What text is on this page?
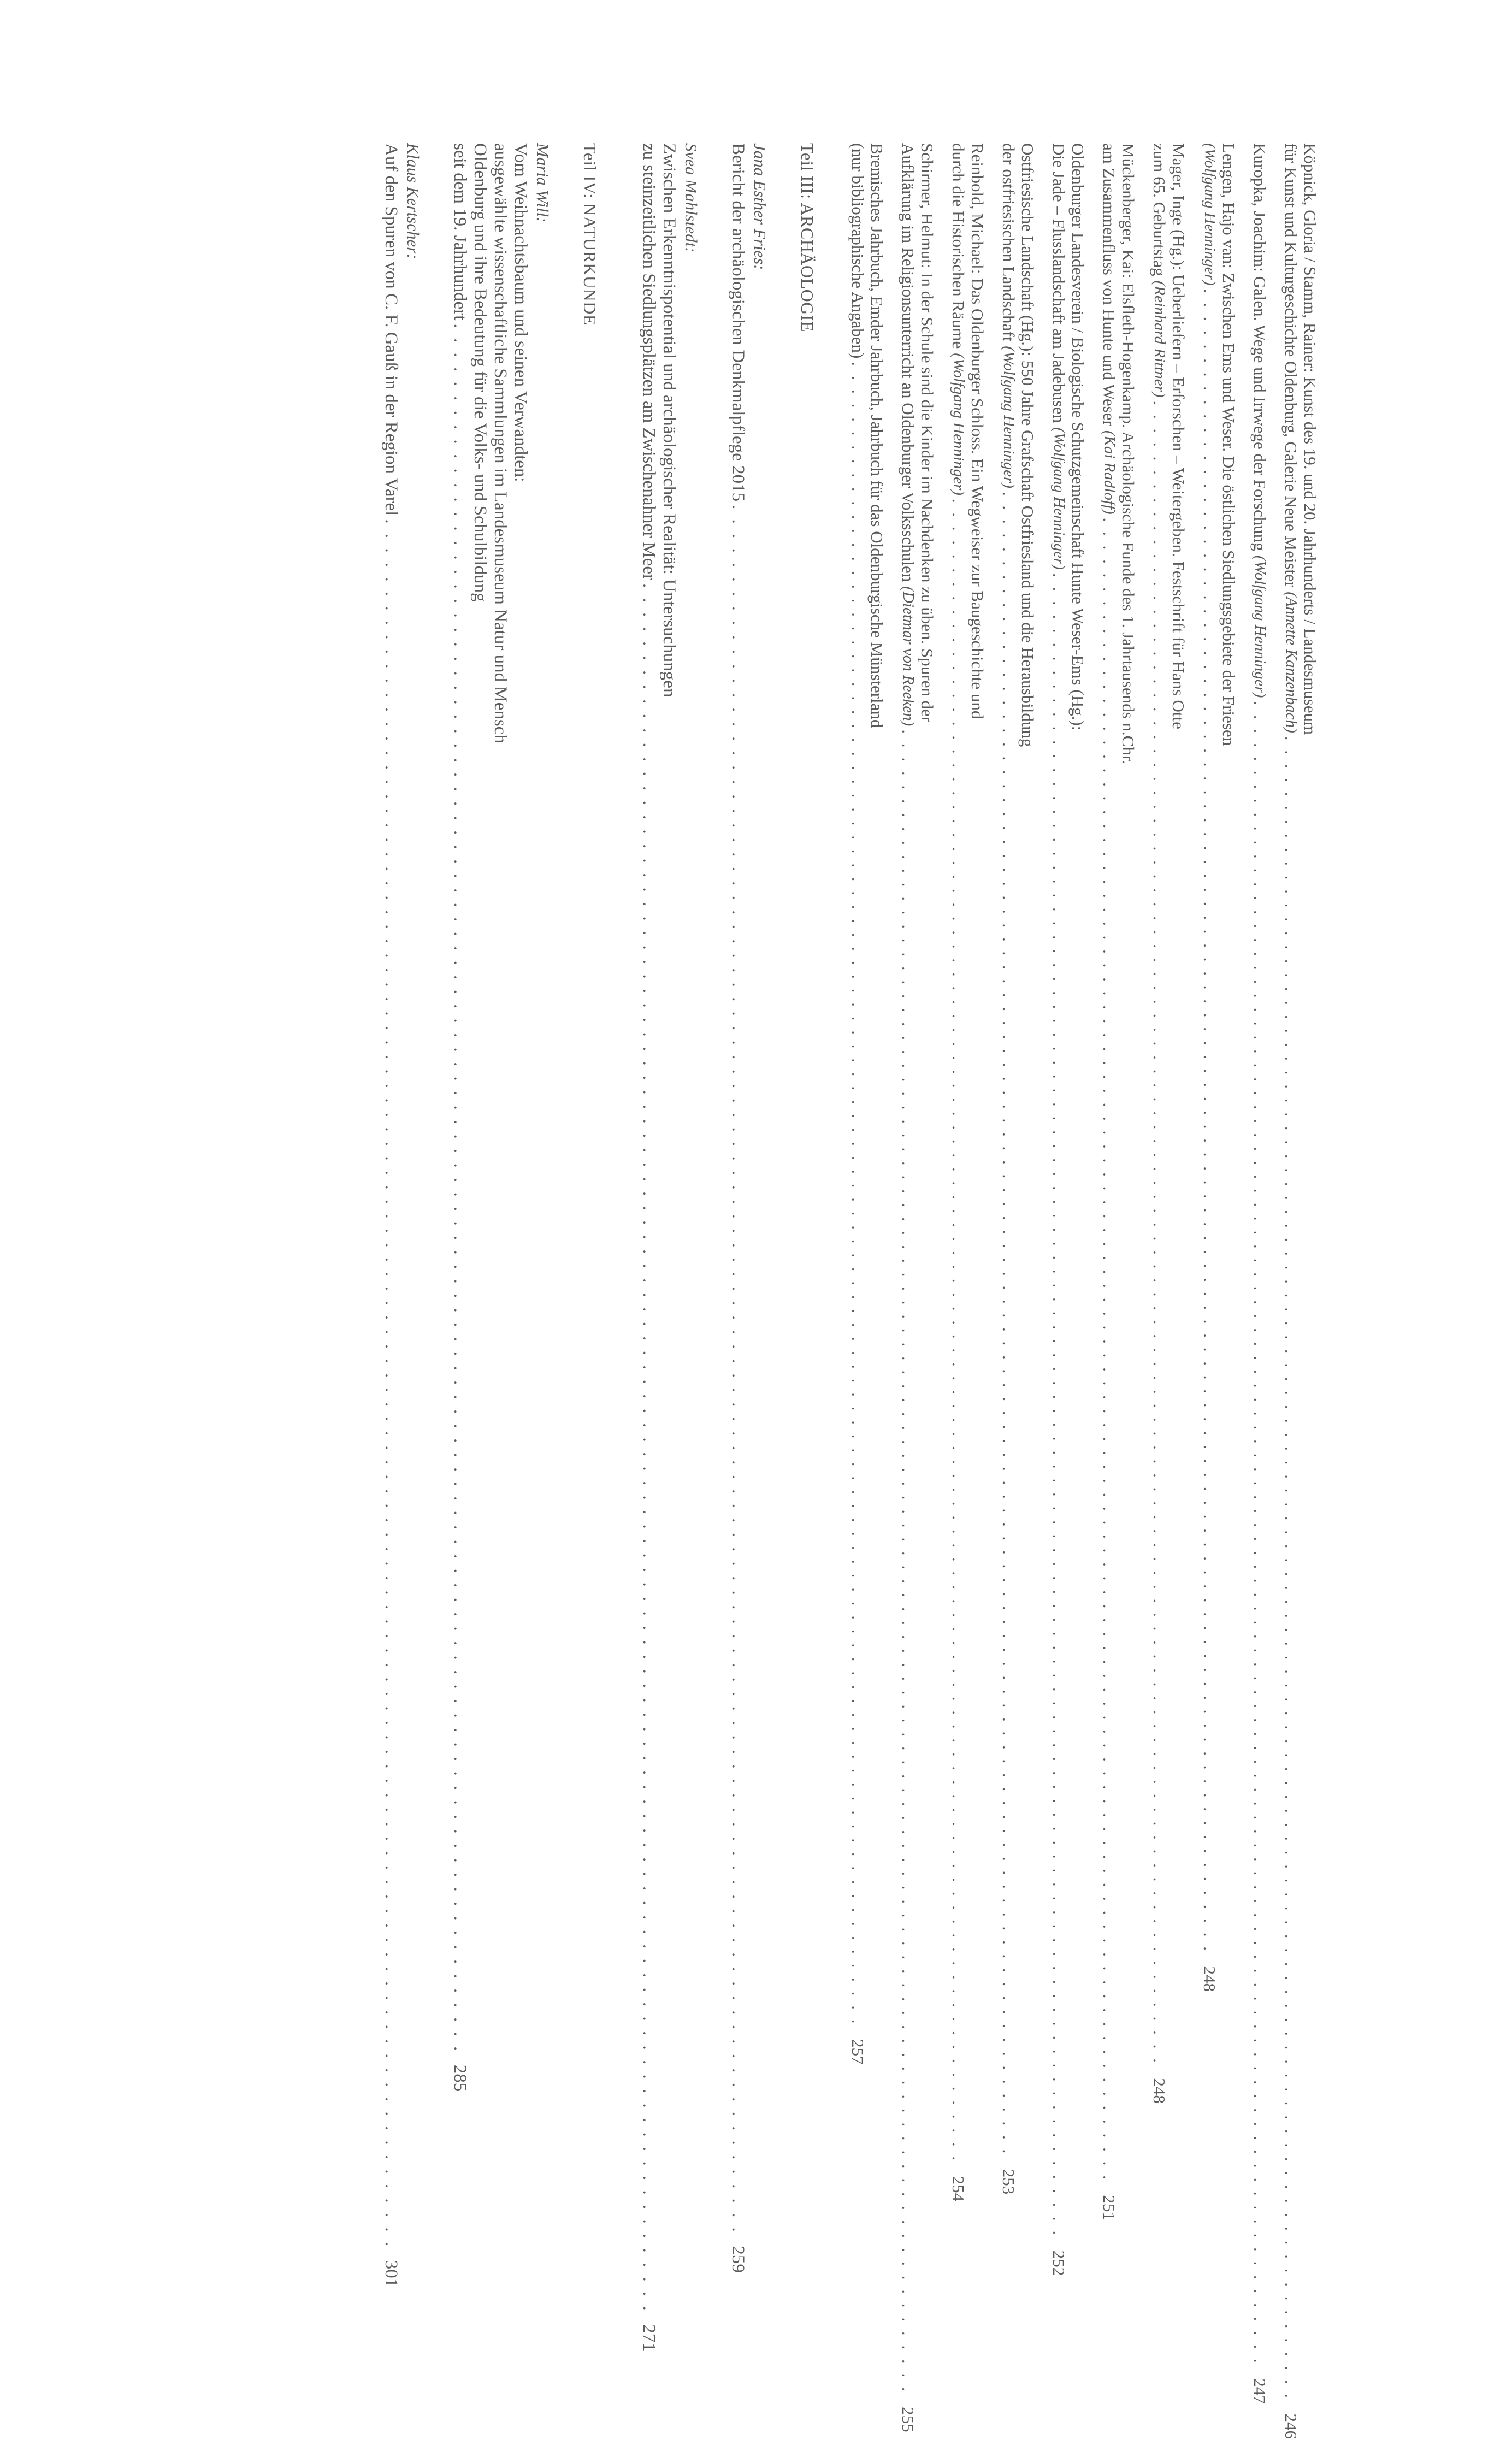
Köpnick, Gloria / Stamm, Rainer: Kunst des 19. und 20. Jahrhunderts / Landesmuseum
für Kunst und Kulturgeschichte Oldenburg, Galerie Neue Meister
(Annette Kanzenbach)
. . . . . . . . . . . . . . . . . . . . . . . . . . . . . . . . . . . . . . . . . . . . . . . . . . . . . . . . . . . . . . . . . . . . . . . . . . . . . . . . . . . . . . . . . . . . . . . . . . . . . . . . . . . . . . . . . . . . . . . .
246
Kuropka, Joachim: Galen. Wege und Irrwege der Forschung
(Wolfgang Henninger)
. . . . . . . . . . . . . . . . . . . . . . . . . . . . . . . . . . . . . . . . . . . . . . . . . . . . . . . . . . . . . . . . . . . . . . . . . . . . . . . . . . . . . . . . . . . . . . . . . . . . . . . . . . . . . . . . . . . . . . . .
247
Lengen, Hajo van: Zwischen Ems und Weser. Die östlichen Siedlungsgebiete der Friesen
(Wolfgang Henninger)
. . . . . . . . . . . . . . . . . . . . . . . . . . . . . . . . . . . . . . . . . . . . . . . . . . . . . . . . . . . . . . . . . . . . . . . . . . . . . . . . . . . . . . . . . . . . . . . . . . . . . . . . . . . . . . . . . . . . . . . .
248
Mager, Inge (Hg.): Ueberliefern – Erforschen – Weitergeben. Festschrift für Hans Otte
zum 65. Geburtstag
(Reinhard Rittner)
. . . . . . . . . . . . . . . . . . . . . . . . . . . . . . . . . . . . . . . . . . . . . . . . . . . . . . . . . . . . . . . . . . . . . . . . . . . . . . . . . . . . . . . . . . . . . . . . . . . . . . . . . . . . . . . . . . . . . . . .
248
Mückenberger, Kai: Elsfleth-Hogenkamp. Archäologische Funde des 1. Jahrtausends n.Chr.
am Zusammenfluss von Hunte und Weser
(Kai Radloff)
. . . . . . . . . . . . . . . . . . . . . . . . . . . . . . . . . . . . . . . . . . . . . . . . . . . . . . . . . . . . . . . . . . . . . . . . . . . . . . . . . . . . . . . . . . . . . . . . . . . . . . . . . . . . . . . . . . . . . . . .
251
Oldenburger Landesverein / Biologische Schutzgemeinschaft Hunte Weser-Ems (Hg.):
Die Jade – Flusslandschaft am Jadebusen
(Wolfgang Henninger)
. . . . . . . . . . . . . . . . . . . . . . . . . . . . . . . . . . . . . . . . . . . . . . . . . . . . . . . . . . . . . . . . . . . . . . . . . . . . . . . . . . . . . . . . . . . . . . . . . . . . . . . . . . . . . . . . . . . . . . . .
252
Ostfriesische Landschaft (Hg.): 550 Jahre Grafschaft Ostfriesland und die Herausbildung
der ostfriesischen Landschaft
(Wolfgang Henninger)
. . . . . . . . . . . . . . . . . . . . . . . . . . . . . . . . . . . . . . . . . . . . . . . . . . . . . . . . . . . . . . . . . . . . . . . . . . . . . . . . . . . . . . . . . . . . . . . . . . . . . . . . . . . . . . . . . . . . . . . .
253
Reinbold, Michael: Das Oldenburger Schloss. Ein Wegweiser zur Baugeschichte und
durch die Historischen Räume
(Wolfgang Henninger)
. . . . . . . . . . . . . . . . . . . . . . . . . . . . . . . . . . . . . . . . . . . . . . . . . . . . . . . . . . . . . . . . . . . . . . . . . . . . . . . . . . . . . . . . . . . . . . . . . . . . . . . . . . . . . . . . . . . . . . . .
254
Schirmer, Helmut: In der Schule sind die Kinder im Nachdenken zu üben. Spuren der
Aufklärung im Religionsunterricht an Oldenburger Volksschulen
(Dietmar von Reeken)
. . . . . . . . . . . . . . . . . . . . . . . . . . . . . . . . . . . . . . . . . . . . . . . . . . . . . . . . . . . . . . . . . . . . . . . . . . . . . . . . . . . . . . . . . . . . . . . . . . . . . . . . . . . . . . . . . . . . . . . .
255
Bremisches Jahrbuch, Emder Jahrbuch, Jahrbuch für das Oldenburgische Münsterland
(nur bibliographische Angaben)
. . . . . . . . . . . . . . . . . . . . . . . . . . . . . . . . . . . . . . . . . . . . . . . . . . . . . . . . . . . . . . . . . . . . . . . . . . . . . . . . . . . . . . . . . . . . . . . . . . . . . . . . . . . . . . . . . . . . . . . .
257
Teil III: ARCHÄOLOGIE
Jana Esther Fries:
Bericht der archäologischen Denkmalpflege 2015
. . . . . . . . . . . . . . . . . . . . . . . . . . . . . . . . . . . . . . . . . . . . . . . . . . . . . . . . . . . . . . . . . . . . . . . . . . . . . . . . . . . . . . . . . . . . . . . . . . . . . . . . . . . . . . . . . . . . . . . .
259
Svea Mahlstedt:
Zwischen Erkenntnispotential und archäologischer Realität: Untersuchungen
zu steinzeitlichen Siedlungsplätzen am Zwischenahner Meer
. . . . . . . . . . . . . . . . . . . . . . . . . . . . . . . . . . . . . . . . . . . . . . . . . . . . . . . . . . . . . . . . . . . . . . . . . . . . . . . . . . . . . . . . . . . . . . . . . . . . . . . . . . . . . . . . . . . . . . . .
271
Teil IV: NATURKUNDE
Maria Will:
Vom Weihnachtsbaum und seinen Verwandten:
ausgewählte wissenschaftliche Sammlungen im Landesmuseum Natur und Mensch
Oldenburg und ihre Bedeutung für die Volks- und Schulbildung
seit dem 19. Jahrhundert
. . . . . . . . . . . . . . . . . . . . . . . . . . . . . . . . . . . . . . . . . . . . . . . . . . . . . . . . . . . . . . . . . . . . . . . . . . . . . . . . . . . . . . . . . . . . . . . . . . . . . . . . . . . . . . . . . . . . . . . .
285
Klaus Kertscher:
Auf den Spuren von C. F. Gauß in der Region Varel
. . . . . . . . . . . . . . . . . . . . . . . . . . . . . . . . . . . . . . . . . . . . . . . . . . . . . . . . . . . . . . . . . . . . . . . . . . . . . . . . . . . . . . . . . . . . . . . . . . . . . . . . . . . . . . . . . . . . . . . .
301
